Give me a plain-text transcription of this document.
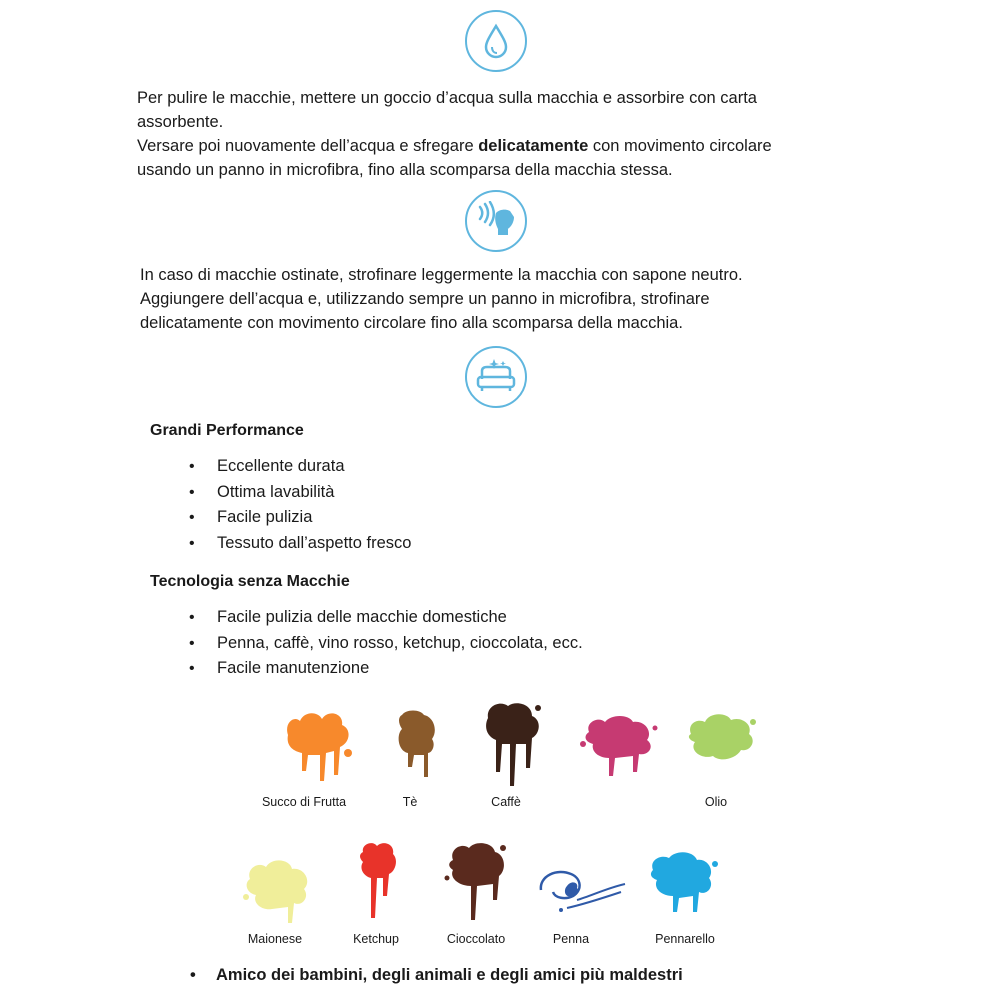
Per pulire le macchie, mettere un goccio d’acqua sulla macchia e assorbire con carta
assorbente.
Versare poi nuovamente dell’acqua e sfregare delicatamente con movimento circolare
usando un panno in microfibra, fino alla scomparsa della macchia stessa.

In caso di macchie ostinate, strofinare leggermente la macchia con sapone neutro.
Aggiungere dell’acqua e, utilizzando sempre un panno in microfibra, strofinare
delicatamente con movimento circolare fino alla scomparsa della macchia.

Grandi Performance
• Eccellente durata
• Ottima lavabilità
• Facile pulizia
• Tessuto dall’aspetto fresco
Tecnologia senza Macchie
• Facile pulizia delle macchie domestiche
• Penna, caffè, vino rosso, ketchup, cioccolata, ecc.
• Facile manutenzione
Succo di Frutta	Tè	Caffè	Olio
Maionese	Ketchup	Cioccolato	Penna	Pennarello
• Amico dei bambini, degli animali e degli amici più maldestri
